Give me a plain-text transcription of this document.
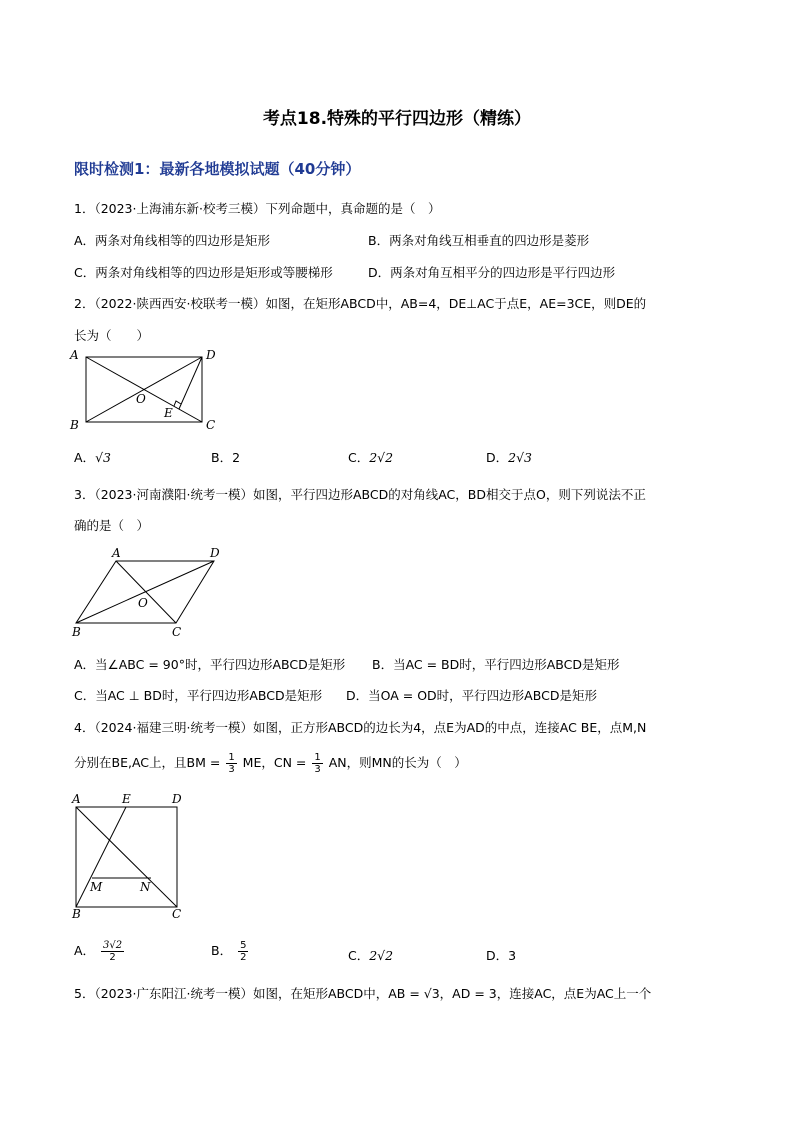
考点18.特殊的平行四边形（精练）
限时检测1：最新各地模拟试题（40分钟）
1．（2023·上海浦东新·校考三模）下列命题中，真命题的是（　）
A．两条对角线相等的四边形是矩形	B．两条对角线互相垂直的四边形是菱形
C．两条对角线相等的四边形是矩形或等腰梯形	D．两条对角互相平分的四边形是平行四边形
2．（2022·陕西西安·校联考一模）如图，在矩形ABCD中，AB=4，DE⊥AC于点E，AE=3CE，则DE的
长为（　　）
A
B	C
D
O
E
A．√3	B．2	C．2√2	D．2√3
3．（2023·河南濮阳·统考一模）如图，平行四边形ABCD的对角线AC，BD相交于点O，则下列说法不正
确的是（　）
A	D
B	C
O
A．当∠ABC = 90°时，平行四边形ABCD是矩形 B．当AC = BD时，平行四边形ABCD是矩形
C．当AC ⊥ BD时，平行四边形ABCD是矩形 D．当OA = OD时，平行四边形ABCD是矩形
4．（2024·福建三明·统考一模）如图，正方形ABCD的边长为4，点E为AD的中点，连接AC BE，点M,N
分别在BE,AC上，且BM = $\frac{1}{3}$ ME，CN = $\frac{1}{3}$ AN，则MN的长为（　）
A	E	D
B	C
M	N
A． $\frac{3√2}{2}$	B． $\frac{5}{2}$	C．2√2	D．3
5．（2023·广东阳江·统考一模）如图，在矩形ABCD中，AB = √3，AD = 3，连接AC，点E为AC上一个
